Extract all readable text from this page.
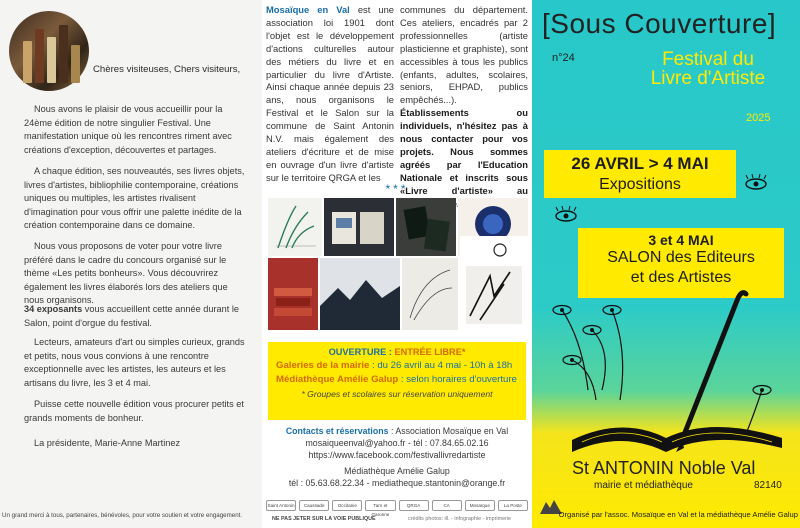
Chères visiteuses, Chers visiteurs,

Nous avons le plaisir de vous accueillir pour la 24ème édition de notre singulier Festival. Une manifestation unique où les rencontres riment avec créations d'exception, découvertes et partages.

A chaque édition, ses nouveautés, ses livres objets, livres d'artistes, bibliophilie contemporaine, créations uniques ou multiples, les artistes rivalisent d'imagination pour vous offrir une palette inédite de la création contemporaine dans ce domaine.

Nous vous proposons de voter pour votre livre préféré dans le cadre du concours organisé sur le thème «Les petits bonheurs». Vous découvrirez également les livres élaborés lors des ateliers que nous organisons.

34 exposants vous accueillent cette année durant le Salon, point d'orgue du festival.

Lecteurs, amateurs d'art ou simples curieux, grands et petits, nous vous convions à une rencontre exceptionnelle avec les artistes, les auteurs et les artisans du livre, les 3 et 4 mai.

Puisse cette nouvelle édition vous procurer petits et grands moments de bonheur.

La présidente, Marie-Anne Martinez
Un grand merci à tous, partenaires, bénévoles, pour votre soutien et votre engagement.

Mosaïque en Val est une association loi 1901 dont l'objet est le développement d'actions culturelles autour des métiers du livre et en particulier du livre d'Artiste. Ainsi chaque année depuis 23 ans, nous organisons le Festival et le Salon sur la commune de Saint Antonin N.V. mais également des ateliers d'écriture et de mise en ouvrage d'un livre d'artiste sur le territoire QRGA et les

communes du département. Ces ateliers, encadrés par 2 professionnelles (artiste plasticienne et graphiste), sont accessibles à tous les publics (enfants, adultes, scolaires, seniors, EHPAD, publics empêchés...). Établissements ou individuels, n'hésitez pas à nous contacter pour vos projets. Nous sommes agréés par l'Education Nationale et inscrits sous «Livre d'artiste» au

***
OUVERTURE : ENTRÉE LIBRE*
Galeries de la mairie : du 26 avril au 4 mai - 10h à 18h
Médiathèque Amélie Galup : selon horaires d'ouverture
* Groupes et scolaires sur réservation uniquement
Contacts et réservations : Association Mosaïque en Val
mosaiqueenval@yahoo.fr - tél : 07.84.65.02.16
https://www.facebook.com/festivallivredartiste
Médiathèque Amélie Galup
tél : 05.63.68.22.34 - mediatheque.stantonin@orange.fr
Saint Antonin	Caussade	Occitanie	Tarn et Garonne
QRGA	CA	Mosaïque	La Poste
NE PAS JETER SUR LA VOIE PUBLIQUE	crédits photos: ill. - infographie - imprimerie
[Sous Couverture]
n°24	Festival du
Livre d'Artiste
2025
26 AVRIL > 4 MAI
Expositions
3 et 4 MAI
SALON des Editeurs
et des Artistes
St ANTONIN Noble Val
mairie et médiathèque	82140
Organisé par l'assoc. Mosaïque en Val et la médiathèque Amélie Galup
